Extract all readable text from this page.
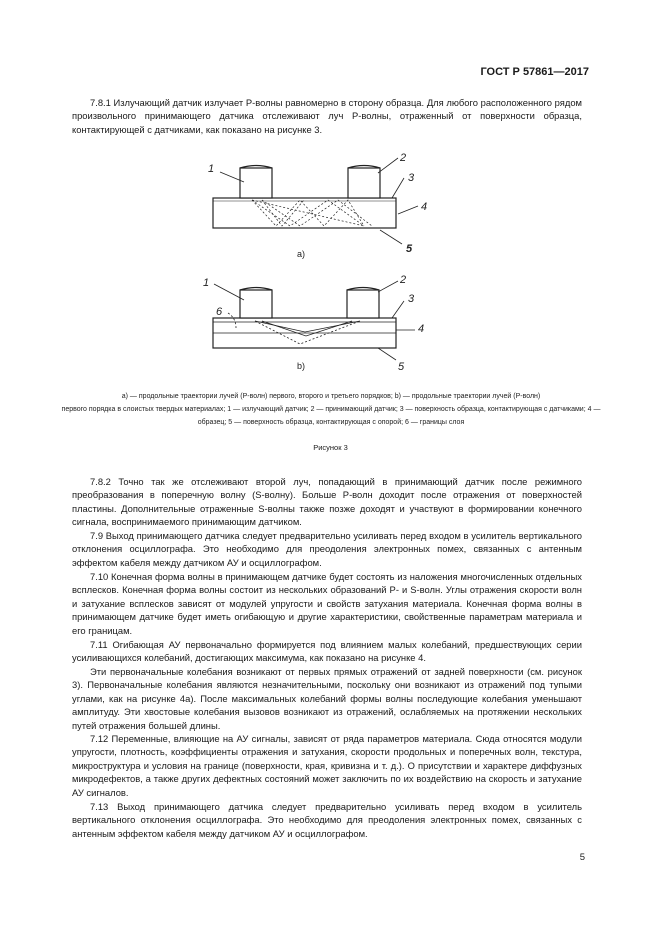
ГОСТ Р 57861—2017

7.8.1 Излучающий датчик излучает P-волны равномерно в сторону образца. Для любого расположенного рядом произвольного принимающего датчика отслеживают луч P-волны, отраженный от поверхности образца, контактирующей с датчиками, как показано на рисунке 3.

1
2
3
4
5
а)
1	2
3
4
5
6
b)
а) — продольные траектории лучей (P-волн) первого, второго и третьего порядков; b) — продольные траектории лучей (P-волн)
первого порядка в слоистых твердых материалах; 1 — излучающий датчик; 2 — принимающий датчик; 3 — поверхность образца, контактирующая с датчиками; 4 — образец; 5 — поверхность образца, контактирующая с опорой; 6 — границы слоя
Рисунок 3

7.8.2 Точно так же отслеживают второй луч, попадающий в принимающий датчик после режимного преобразования в поперечную волну (S-волну). Больше P-волн доходит после отражения от поверхностей пластины. Дополнительные отраженные S-волны также позже доходят и участвуют в формировании конечного сигнала, воспринимаемого принимающим датчиком.

7.9 Выход принимающего датчика следует предварительно усиливать перед входом в усилитель вертикального отклонения осциллографа. Это необходимо для преодоления электронных помех, связанных с антенным эффектом кабеля между датчиком АУ и осциллографом.

7.10 Конечная форма волны в принимающем датчике будет состоять из наложения многочисленных отдельных всплесков. Конечная форма волны состоит из нескольких образований P- и S-волн. Углы отражения скорости волн и затухание всплесков зависят от модулей упругости и свойств затухания материала. Конечная форма волны в принимающем датчике будет иметь огибающую и другие характеристики, свойственные параметрам материала и его границам.

7.11 Огибающая АУ первоначально формируется под влиянием малых колебаний, предшествующих серии усиливающихся колебаний, достигающих максимума, как показано на рисунке 4.

Эти первоначальные колебания возникают от первых прямых отражений от задней поверхности (см. рисунок 3). Первоначальные колебания являются незначительными, поскольку они возникают из отражений под тупыми углами, как на рисунке 4а). После максимальных колебаний формы волны последующие колебания уменьшают амплитуду. Эти хвостовые колебания вызовов возникают из отражений, ослабляемых на протяжении нескольких путей отражения большей длины.

7.12 Переменные, влияющие на АУ сигналы, зависят от ряда параметров материала. Сюда относятся модули упругости, плотность, коэффициенты отражения и затухания, скорости продольных и поперечных волн, текстура, микроструктура и условия на границе (поверхности, края, кривизна и т. д.). О присутствии и характере диффузных микродефектов, а также других дефектных состояний может заключить по их воздействию на скорость и затухание АУ сигналов.

7.13 Выход принимающего датчика следует предварительно усиливать перед входом в усилитель вертикального отклонения осциллографа. Это необходимо для преодоления электронных помех, связанных с антенным эффектом кабеля между датчиком АУ и осциллографом.

5
